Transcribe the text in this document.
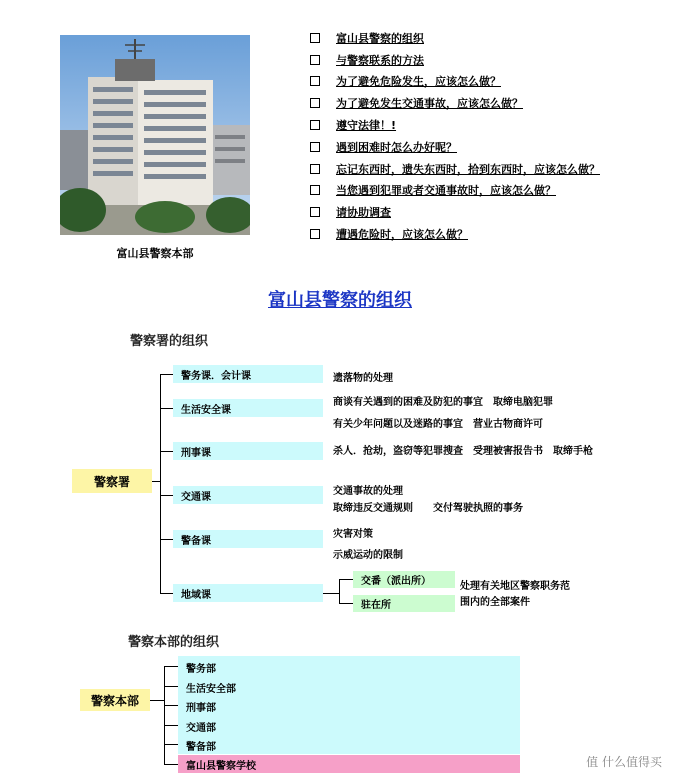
富山县警察本部
富山县警察的组织
与警察联系的方法
为了避免危险发生，应该怎么做？
为了避免发生交通事故，应该怎么做？
遵守法律！!
遇到困难时怎么办好呢？
忘记东西时，遗失东西时，拾到东西时，应该怎么做？
当您遇到犯罪或者交通事故时，应该怎么做？
请协助调查
遭遇危险时，应该怎么做？
富山县警察的组织
警察署的组织
警察署
警务课．会计课
生活安全课
刑事课
交通课
警备课
地域课
遗落物的处理
商谈有关遇到的困难及防犯的事宜　取缔电脑犯罪
有关少年问题以及迷路的事宜　营业古物商许可
杀人．抢劫，盗窃等犯罪搜查　受理被害报告书　取缔手枪
交通事故的处理
取缔违反交通规则　　交付驾驶执照的事务
灾害对策
示威运动的限制
交番（派出所）
驻在所
处理有关地区警察职务范
围内的全部案件
警察本部的组织
警察本部
警务部
生活安全部
刑事部
交通部
警备部
富山县警察学校	值 什么值得买
